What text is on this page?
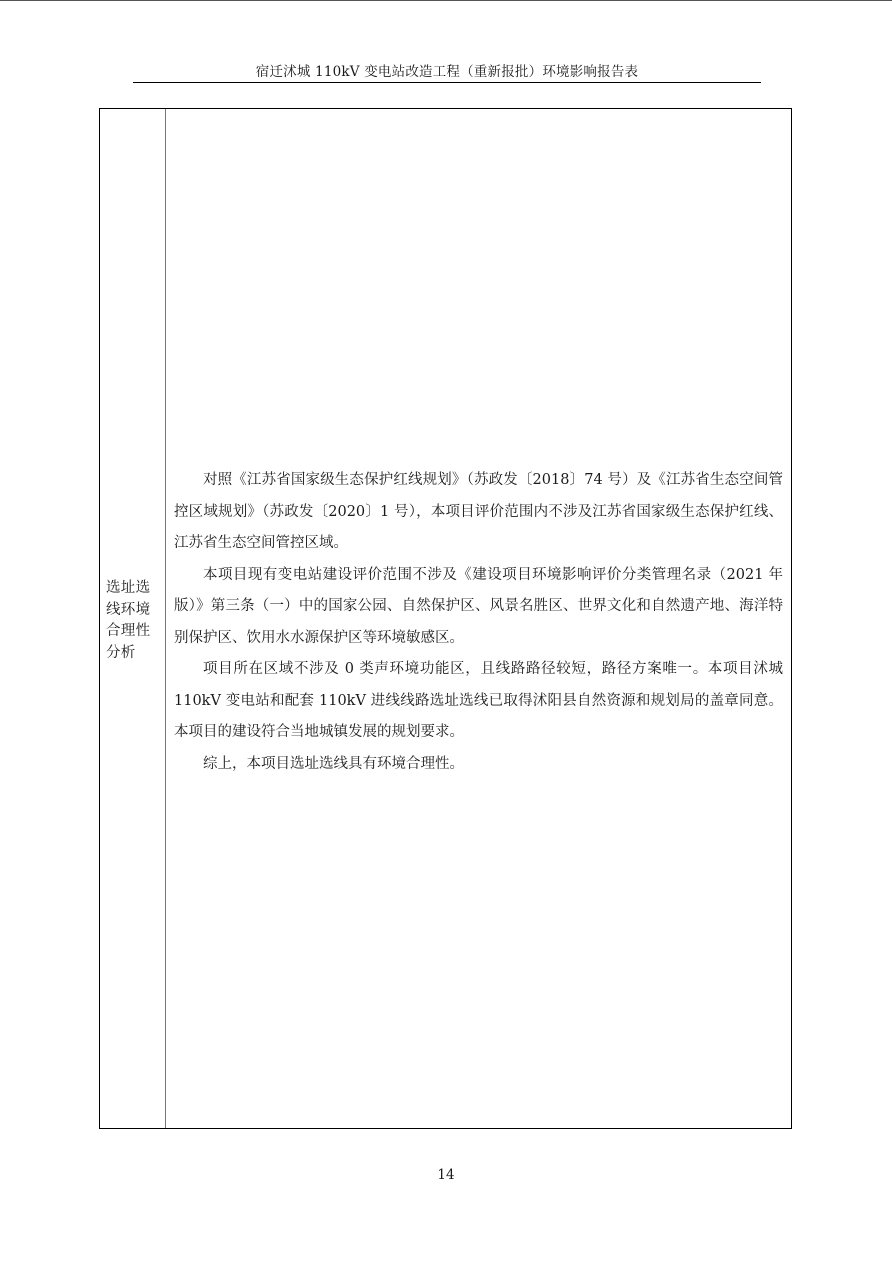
宿迁沭城 110kV 变电站改造工程（重新报批）环境影响报告表
选址选线环境合理性分析

对照《江苏省国家级生态保护红线规划》（苏政发〔2018〕74 号）及《江苏省生态空间管控区域规划》（苏政发〔2020〕1 号），本项目评价范围内不涉及江苏省国家级生态保护红线、江苏省生态空间管控区域。

本项目现有变电站建设评价范围不涉及《建设项目环境影响评价分类管理名录（2021 年版）》第三条（一）中的国家公园、自然保护区、风景名胜区、世界文化和自然遗产地、海洋特别保护区、饮用水水源保护区等环境敏感区。

项目所在区域不涉及 0 类声环境功能区，且线路路径较短，路径方案唯一。本项目沭城 110kV 变电站和配套 110kV 进线线路选址选线已取得沭阳县自然资源和规划局的盖章同意。本项目的建设符合当地城镇发展的规划要求。

综上，本项目选址选线具有环境合理性。

14
